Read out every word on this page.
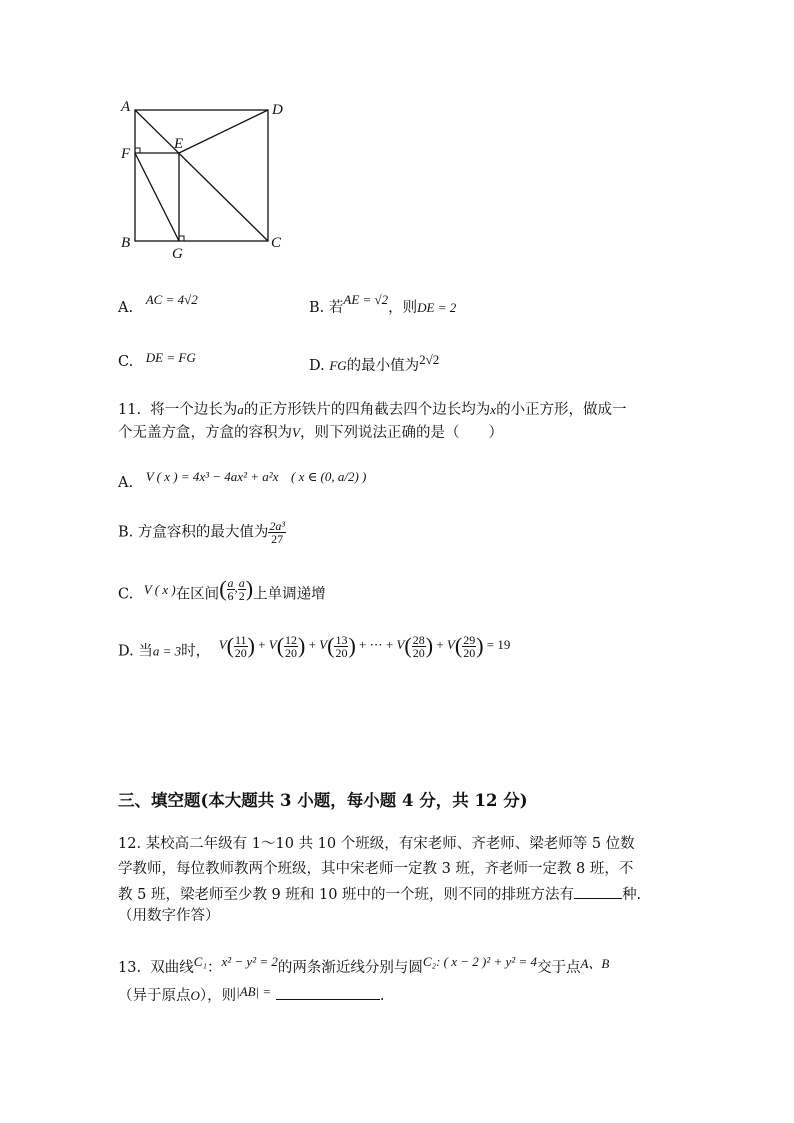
A	D
E
F
B
G
C
A. AC = 4√2
B. 若AE = √2，则DE = 2
C. DE = FG
D. FG的最小值为2√2
11. 将一个边长为a的正方形铁片的四角截去四个边长均为x的小正方形，做成一
个无盖方盒，方盒的容积为V，则下列说法正确的是（　　）
A. V ( x ) = 4x³ − 4ax² + a²x ( x ∈ (0, a/2) )
B. 方盒容积的最大值为 $\frac{\text{2a³}}{27}$
C. V ( x )在区间( $\frac{a}{6}$ , $\frac{a}{2}$ )上单调递增
D. 当a = 3时， $V( \frac{11}{20}$ ) + $V( \frac{12}{20}$ ) + $V( \frac{13}{20}$ ) + ⋯ + $V( \frac{28}{20}$ ) + $V( \frac{29}{20}$ ) = 19
三、填空题(本大题共 3 小题，每小题 4 分，共 12 分)
12. 某校高二年级有 1～10 共 10 个班级，有宋老师、齐老师、梁老师等 5 位数
学教师，每位教师教两个班级，其中宋老师一定教 3 班，齐老师一定教 8 班，不
教 5 班，梁老师至少教 9 班和 10 班中的一个班，则不同的排班方法有	种.
（用数字作答）
13. 双曲线C₁：x² − y² = 2的两条渐近线分别与圆C₂: ( x − 2 )² + y² = 4交于点A、B
（异于原点O），则|AB| =	.
